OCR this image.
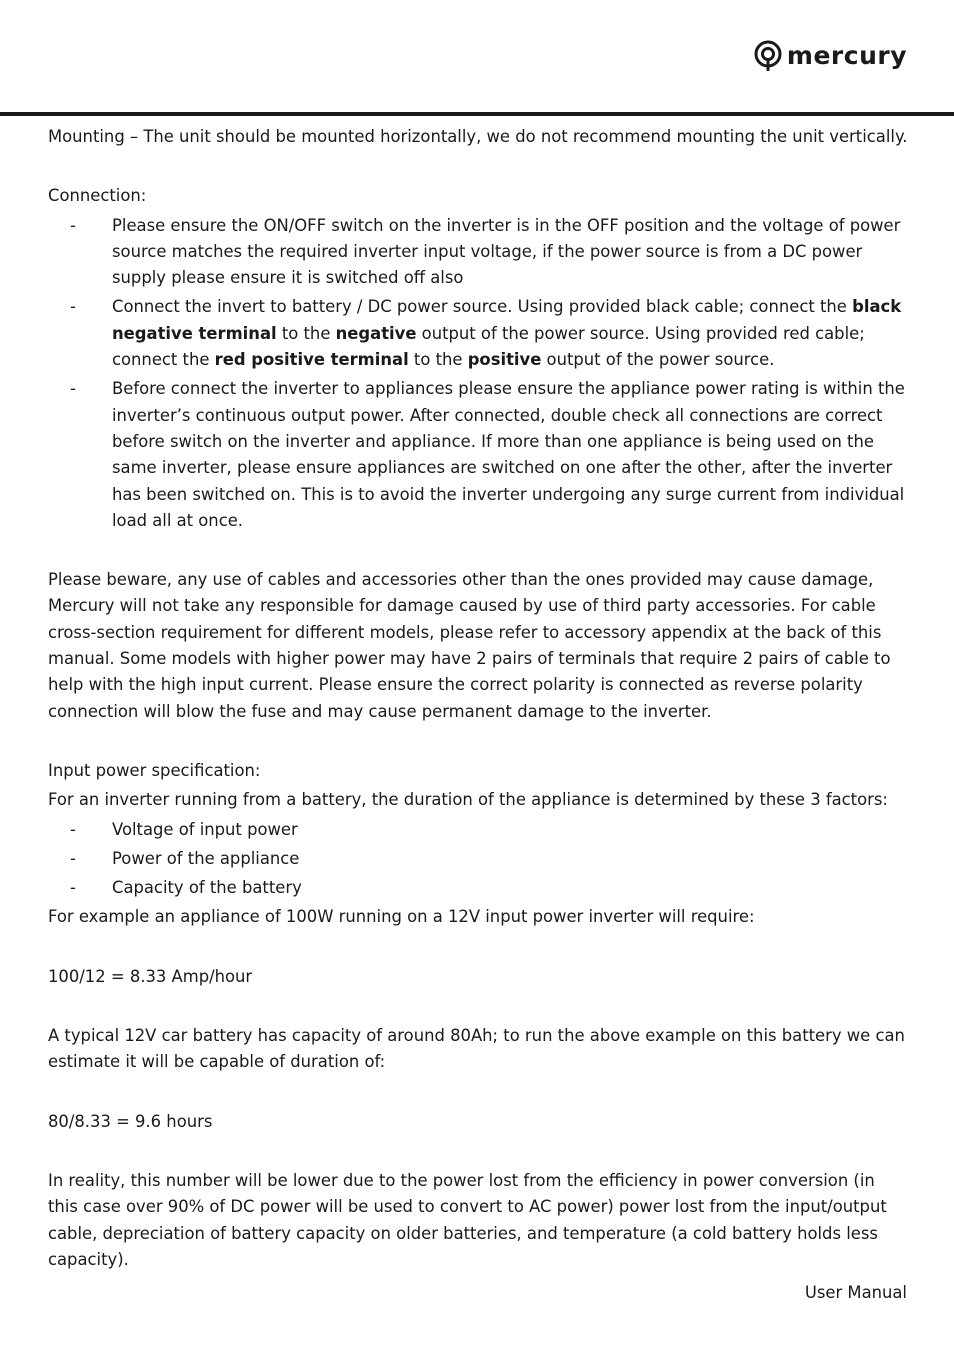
mercury

Mounting – The unit should be mounted horizontally, we do not recommend mounting the unit vertically.

Connection:

-	Please ensure the ON/OFF switch on the inverter is in the OFF position and the voltage of power source matches the required inverter input voltage, if the power source is from a DC power supply please ensure it is switched off also
-	Connect the invert to battery / DC power source. Using provided black cable; connect the black negative terminal to the negative output of the power source. Using provided red cable; connect the red positive terminal to the positive output of the power source.
-	Before connect the inverter to appliances please ensure the appliance power rating is within the inverter’s continuous output power. After connected, double check all connections are correct before switch on the inverter and appliance. If more than one appliance is being used on the same inverter, please ensure appliances are switched on one after the other, after the inverter has been switched on. This is to avoid the inverter undergoing any surge current from individual load all at once.

Please beware, any use of cables and accessories other than the ones provided may cause damage, Mercury will not take any responsible for damage caused by use of third party accessories. For cable cross-section requirement for different models, please refer to accessory appendix at the back of this manual. Some models with higher power may have 2 pairs of terminals that require 2 pairs of cable to help with the high input current. Please ensure the correct polarity is connected as reverse polarity connection will blow the fuse and may cause permanent damage to the inverter.

Input power specification:

For an inverter running from a battery, the duration of the appliance is determined by these 3 factors:

-	Voltage of input power
-	Power of the appliance
-	Capacity of the battery

For example an appliance of 100W running on a 12V input power inverter will require:

100/12 = 8.33 Amp/hour

A typical 12V car battery has capacity of around 80Ah; to run the above example on this battery we can estimate it will be capable of duration of:

80/8.33 = 9.6 hours

In reality, this number will be lower due to the power lost from the efficiency in power conversion (in this case over 90% of DC power will be used to convert to AC power) power lost from the input/output cable, depreciation of battery capacity on older batteries, and temperature (a cold battery holds less capacity).

User Manual
